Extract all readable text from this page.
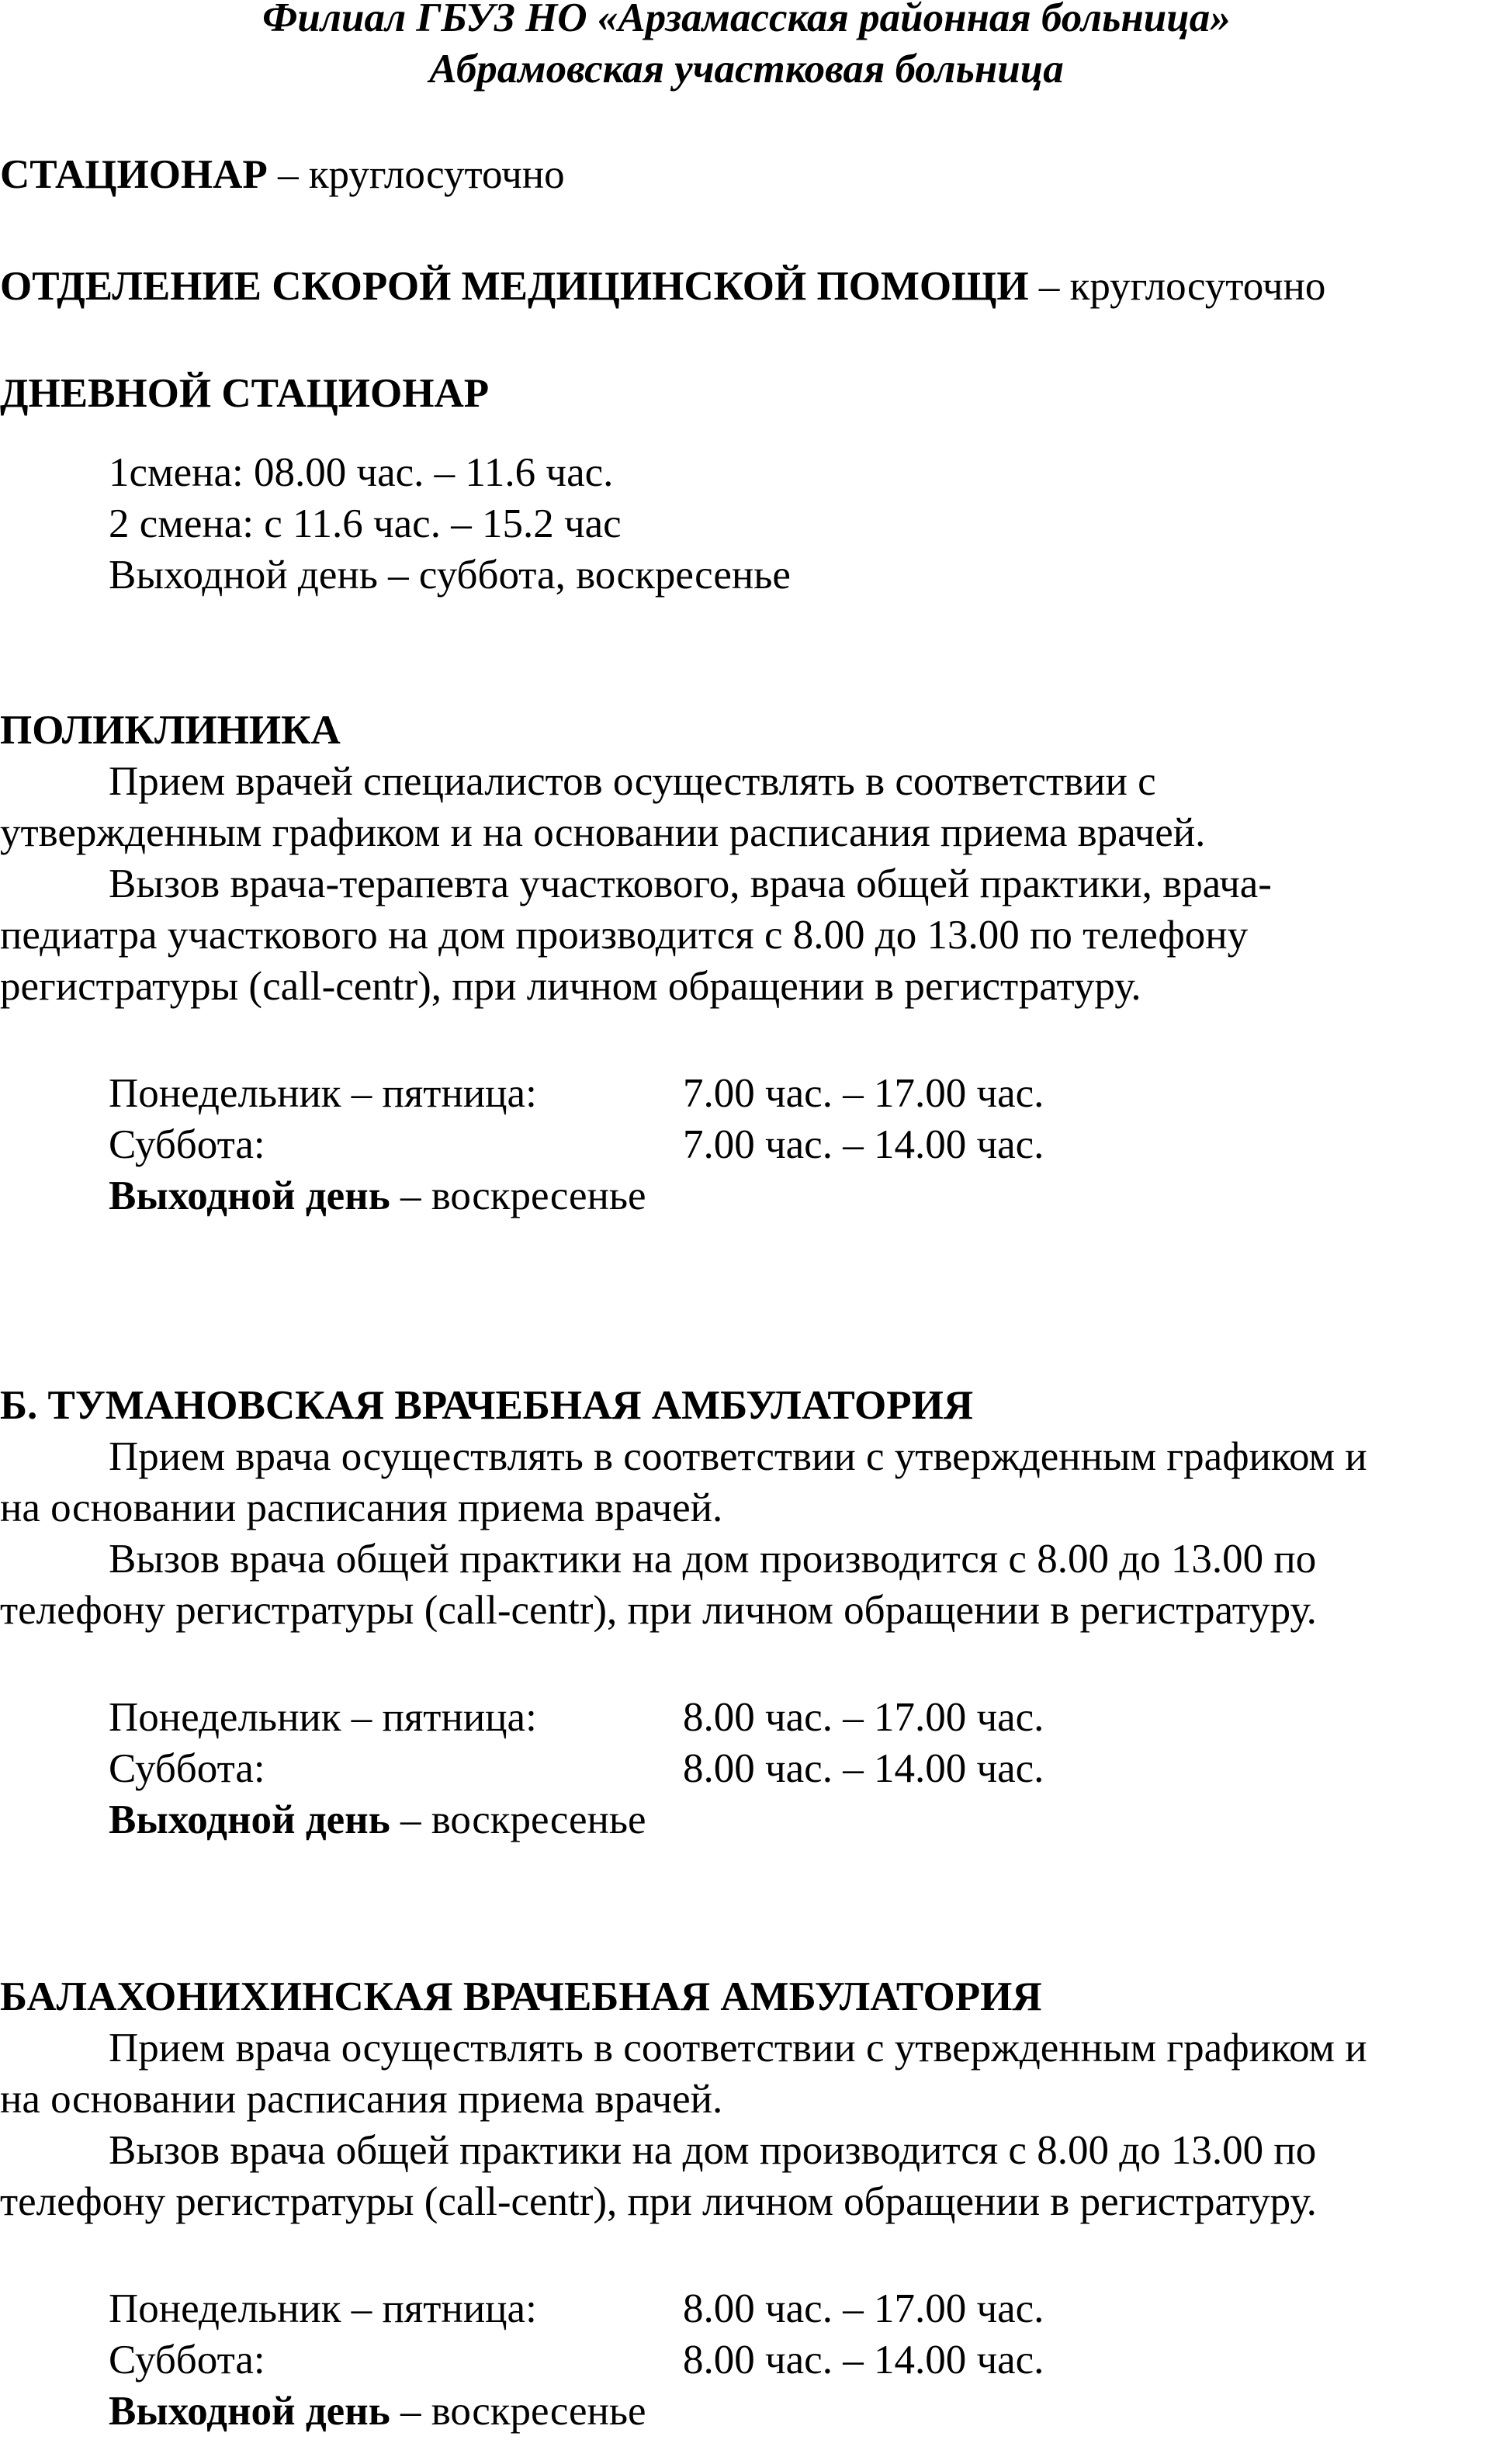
Филиал ГБУЗ НО «Арзамасская районная больница»
Абрамовская участковая больница
СТАЦИОНАР – круглосуточно
ОТДЕЛЕНИЕ СКОРОЙ МЕДИЦИНСКОЙ ПОМОЩИ – круглосуточно
ДНЕВНОЙ СТАЦИОНАР
1смена: 08.00 час. – 11.6 час.
2 смена: с 11.6 час. – 15.2 час
Выходной день – суббота, воскресенье
ПОЛИКЛИНИКА
Прием врачей специалистов осуществлять в соответствии с
утвержденным графиком и на основании расписания приема врачей.
Вызов врача-терапевта участкового, врача общей практики, врача-
педиатра участкового на дом производится с 8.00 до 13.00 по телефону
регистратуры (call-centr), при личном обращении в регистратуру.
Понедельник – пятница:	7.00 час. – 17.00 час.
Суббота:	7.00 час. – 14.00 час.
Выходной день – воскресенье
Б. ТУМАНОВСКАЯ ВРАЧЕБНАЯ АМБУЛАТОРИЯ
Прием врача осуществлять в соответствии с утвержденным графиком и
на основании расписания приема врачей.
Вызов врача общей практики на дом производится с 8.00 до 13.00 по
телефону регистратуры (call-centr), при личном обращении в регистратуру.
Понедельник – пятница:	8.00 час. – 17.00 час.
Суббота:	8.00 час. – 14.00 час.
Выходной день – воскресенье
БАЛАХОНИХИНСКАЯ ВРАЧЕБНАЯ АМБУЛАТОРИЯ
Прием врача осуществлять в соответствии с утвержденным графиком и
на основании расписания приема врачей.
Вызов врача общей практики на дом производится с 8.00 до 13.00 по
телефону регистратуры (call-centr), при личном обращении в регистратуру.
Понедельник – пятница:	8.00 час. – 17.00 час.
Суббота:	8.00 час. – 14.00 час.
Выходной день – воскресенье
